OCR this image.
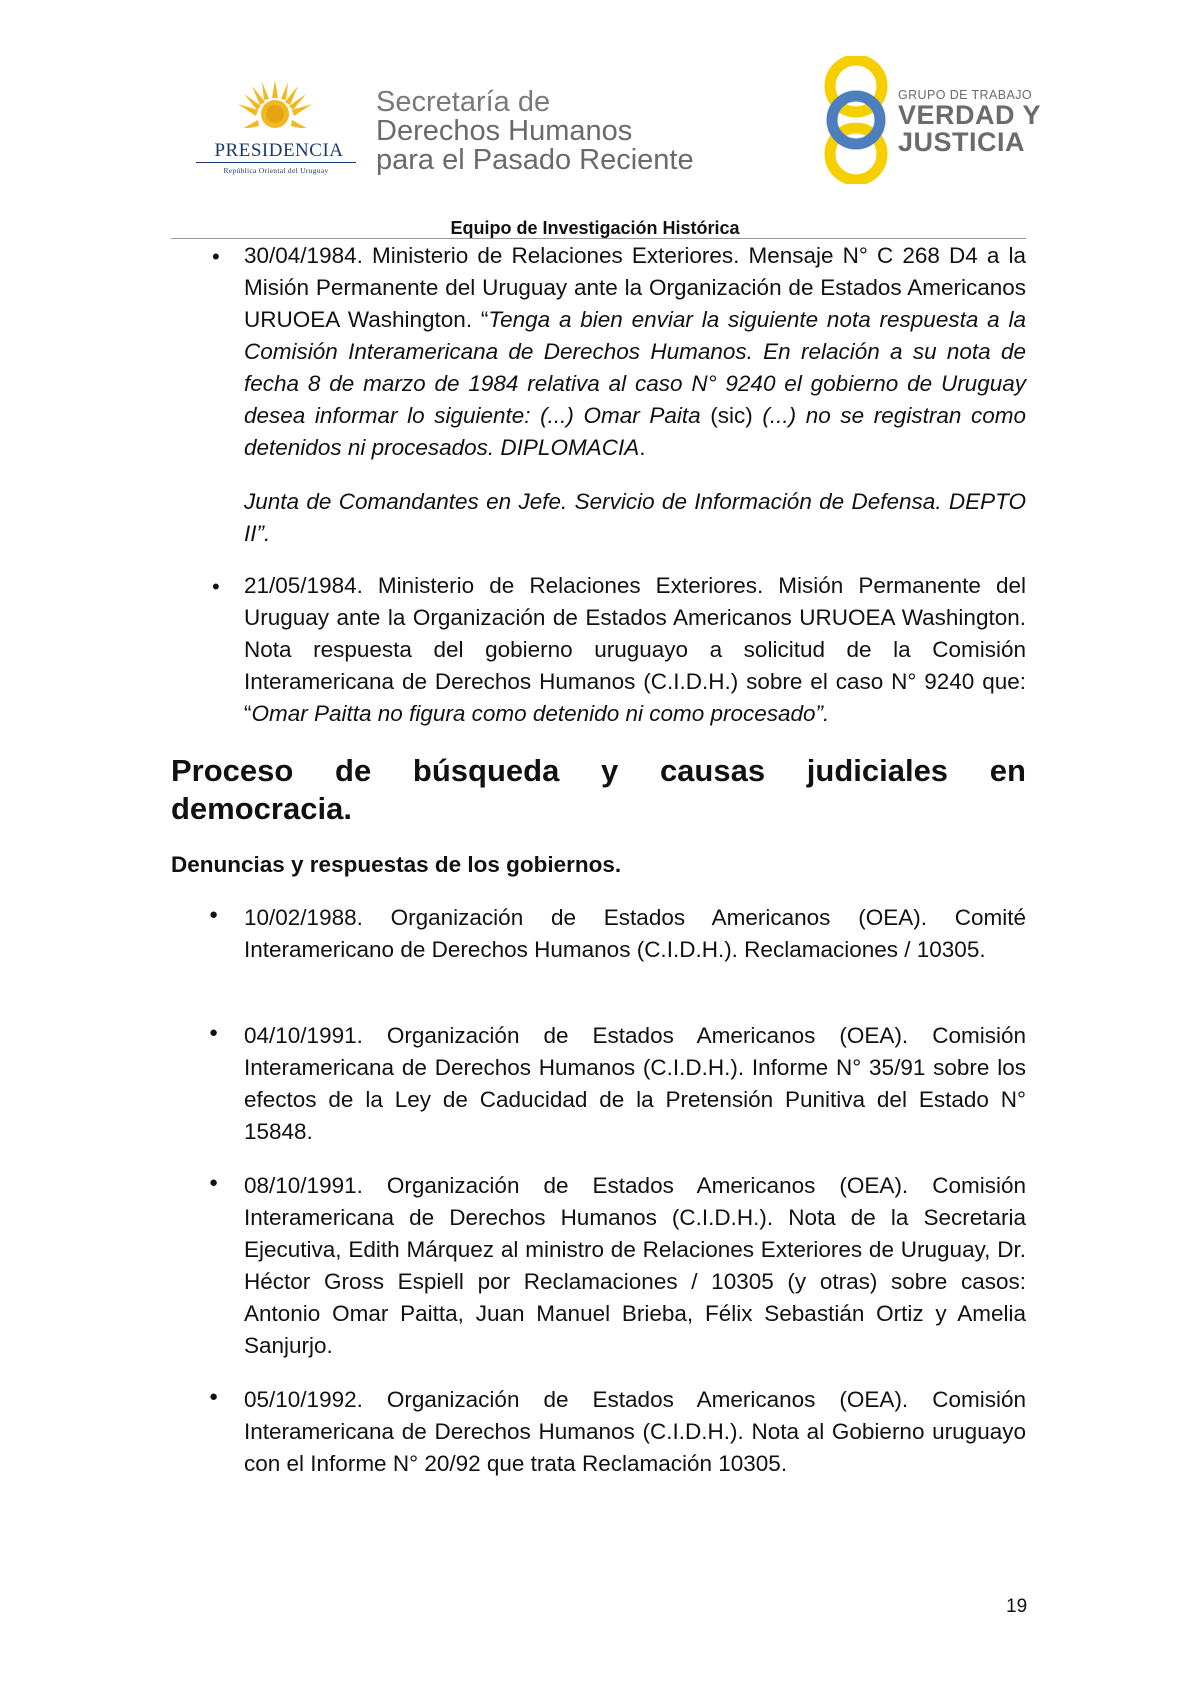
PRESIDENCIA
República Oriental del Uruguay
Secretaría de
Derechos Humanos
para el Pasado Reciente
GRUPO DE TRABAJO
VERDAD Y
JUSTICIA
Equipo de Investigación Histórica
• 30/04/1984. Ministerio de Relaciones Exteriores. Mensaje N° C 268 D4 a la Misión Permanente del Uruguay ante la Organización de Estados Americanos URUOEA Washington. “Tenga a bien enviar la siguiente nota respuesta a la Comisión Interamericana de Derechos Humanos. En relación a su nota de fecha 8 de marzo de 1984 relativa al caso N° 9240 el gobierno de Uruguay desea informar lo siguiente: (...) Omar Paita (sic) (...) no se registran como detenidos ni procesados. DIPLOMACIA.
Junta de Comandantes en Jefe. Servicio de Información de Defensa. DEPTO II”.
• 21/05/1984. Ministerio de Relaciones Exteriores. Misión Permanente del Uruguay ante la Organización de Estados Americanos URUOEA Washington. Nota respuesta del gobierno uruguayo a solicitud de la Comisión Interamericana de Derechos Humanos (C.I.D.H.) sobre el caso N° 9240 que: “Omar Paitta no figura como detenido ni como procesado”.
Proceso de búsqueda y causas judiciales en
democracia.
Denuncias y respuestas de los gobiernos.
● 10/02/1988. Organización de Estados Americanos (OEA). Comité Interamericano de Derechos Humanos (C.I.D.H.). Reclamaciones / 10305.
● 04/10/1991. Organización de Estados Americanos (OEA). Comisión Interamericana de Derechos Humanos (C.I.D.H.). Informe N° 35/91 sobre los efectos de la Ley de Caducidad de la Pretensión Punitiva del Estado N° 15848.
● 08/10/1991. Organización de Estados Americanos (OEA). Comisión Interamericana de Derechos Humanos (C.I.D.H.). Nota de la Secretaria Ejecutiva, Edith Márquez al ministro de Relaciones Exteriores de Uruguay, Dr. Héctor Gross Espiell por Reclamaciones / 10305 (y otras) sobre casos: Antonio Omar Paitta, Juan Manuel Brieba, Félix Sebastián Ortiz y Amelia Sanjurjo.
● 05/10/1992. Organización de Estados Americanos (OEA). Comisión Interamericana de Derechos Humanos (C.I.D.H.). Nota al Gobierno uruguayo con el Informe N° 20/92 que trata Reclamación 10305.
19
